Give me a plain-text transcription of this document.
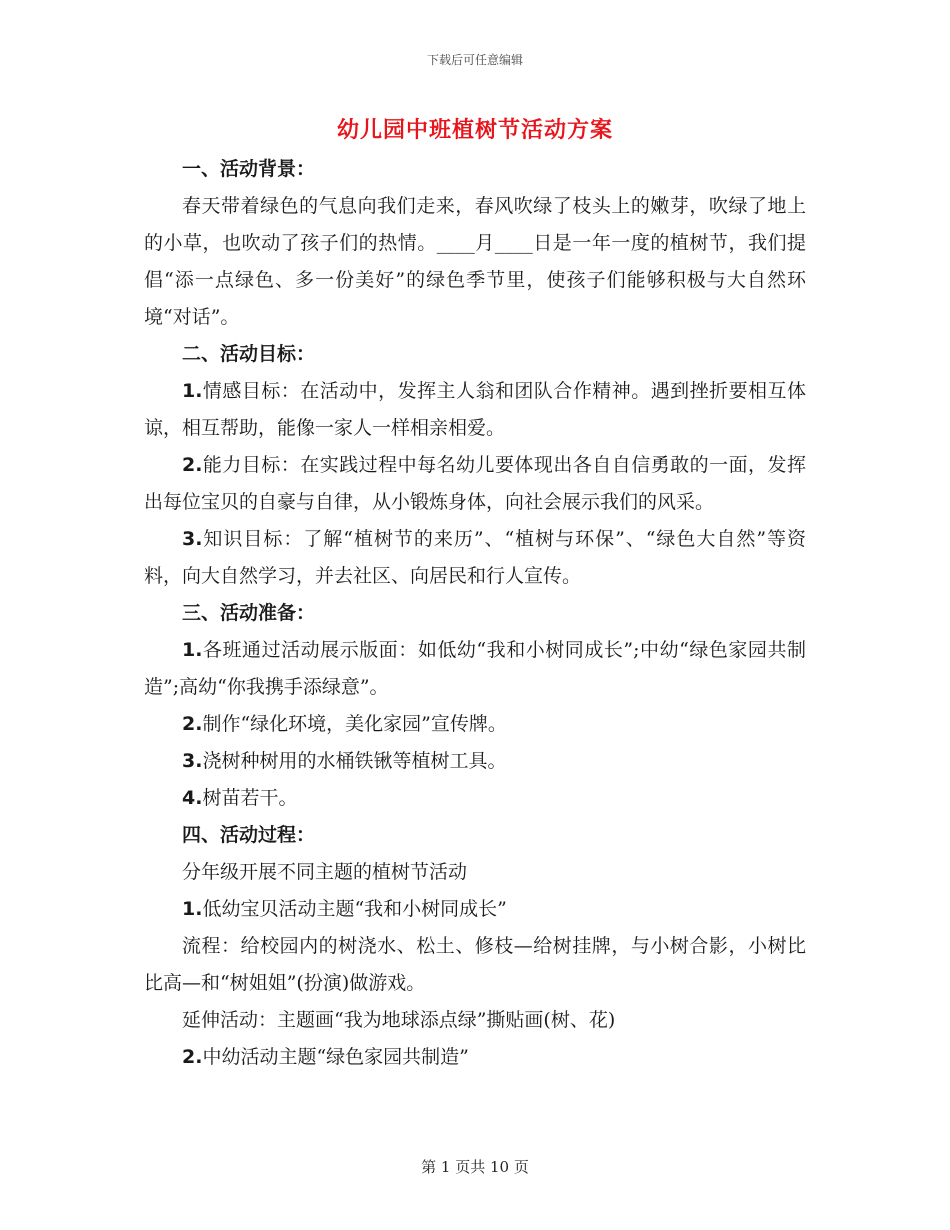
下载后可任意编辑
幼儿园中班植树节活动方案

一、活动背景：

春天带着绿色的气息向我们走来，春风吹绿了枝头上的嫩芽，吹绿了地上的小草，也吹动了孩子们的热情。____月____日是一年一度的植树节，我们提倡“添一点绿色、多一份美好”的绿色季节里，使孩子们能够积极与大自然环境“对话”。

二、活动目标：

1.情感目标：在活动中，发挥主人翁和团队合作精神。遇到挫折要相互体谅，相互帮助，能像一家人一样相亲相爱。

2.能力目标：在实践过程中每名幼儿要体现出各自自信勇敢的一面，发挥出每位宝贝的自豪与自律，从小锻炼身体，向社会展示我们的风采。

3.知识目标：了解“植树节的来历”、“植树与环保”、“绿色大自然”等资料，向大自然学习，并去社区、向居民和行人宣传。

三、活动准备：

1.各班通过活动展示版面：如低幼“我和小树同成长”;中幼“绿色家园共制造”;高幼“你我携手添绿意”。

2.制作“绿化环境，美化家园”宣传牌。

3.浇树种树用的水桶铁锹等植树工具。

4.树苗若干。

四、活动过程：

分年级开展不同主题的植树节活动

1.低幼宝贝活动主题“我和小树同成长”

流程：给校园内的树浇水、松土、修枝—给树挂牌，与小树合影，小树比比高—和“树姐姐”(扮演)做游戏。

延伸活动：主题画“我为地球添点绿”撕贴画(树、花)

2.中幼活动主题“绿色家园共制造”

第 1 页共 10 页
